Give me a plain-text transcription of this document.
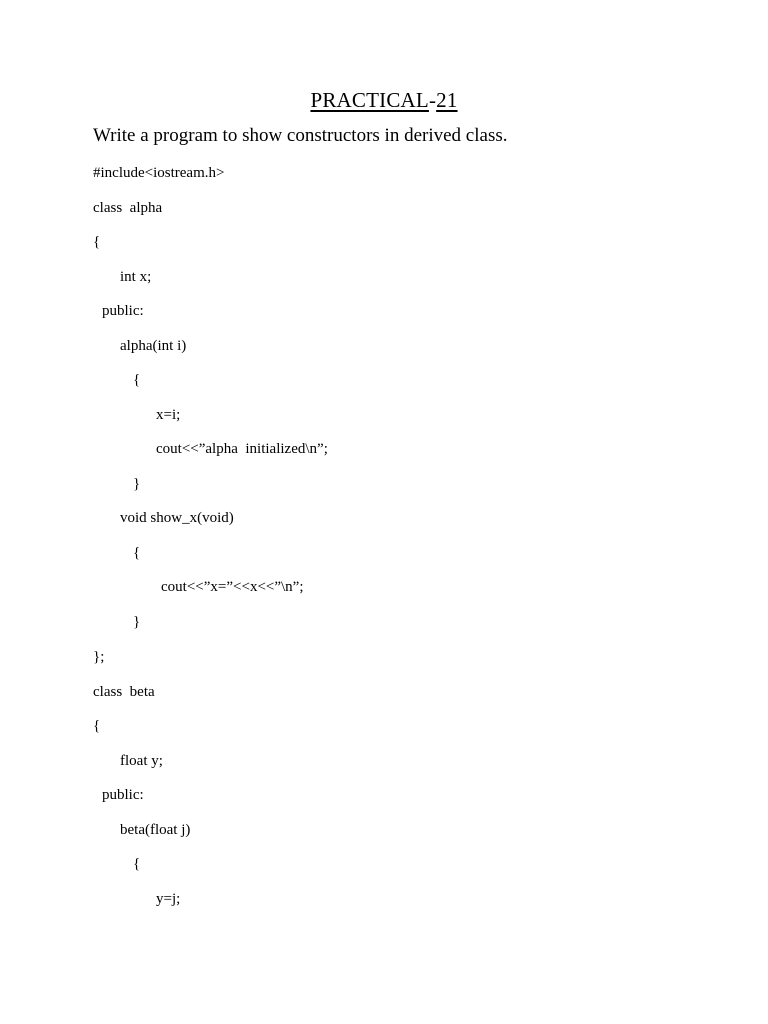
PRACTICAL-21
Write a program to show constructors in derived class.
#include<iostream.h>
class  alpha
{
int x;
public:
alpha(int i)
{
x=i;
cout<<”alpha  initialized\n”;
}
void show_x(void)
{
cout<<”x=”<<x<<”\n”;
}
};
class  beta
{
float y;
public:
beta(float j)
{
y=j;
